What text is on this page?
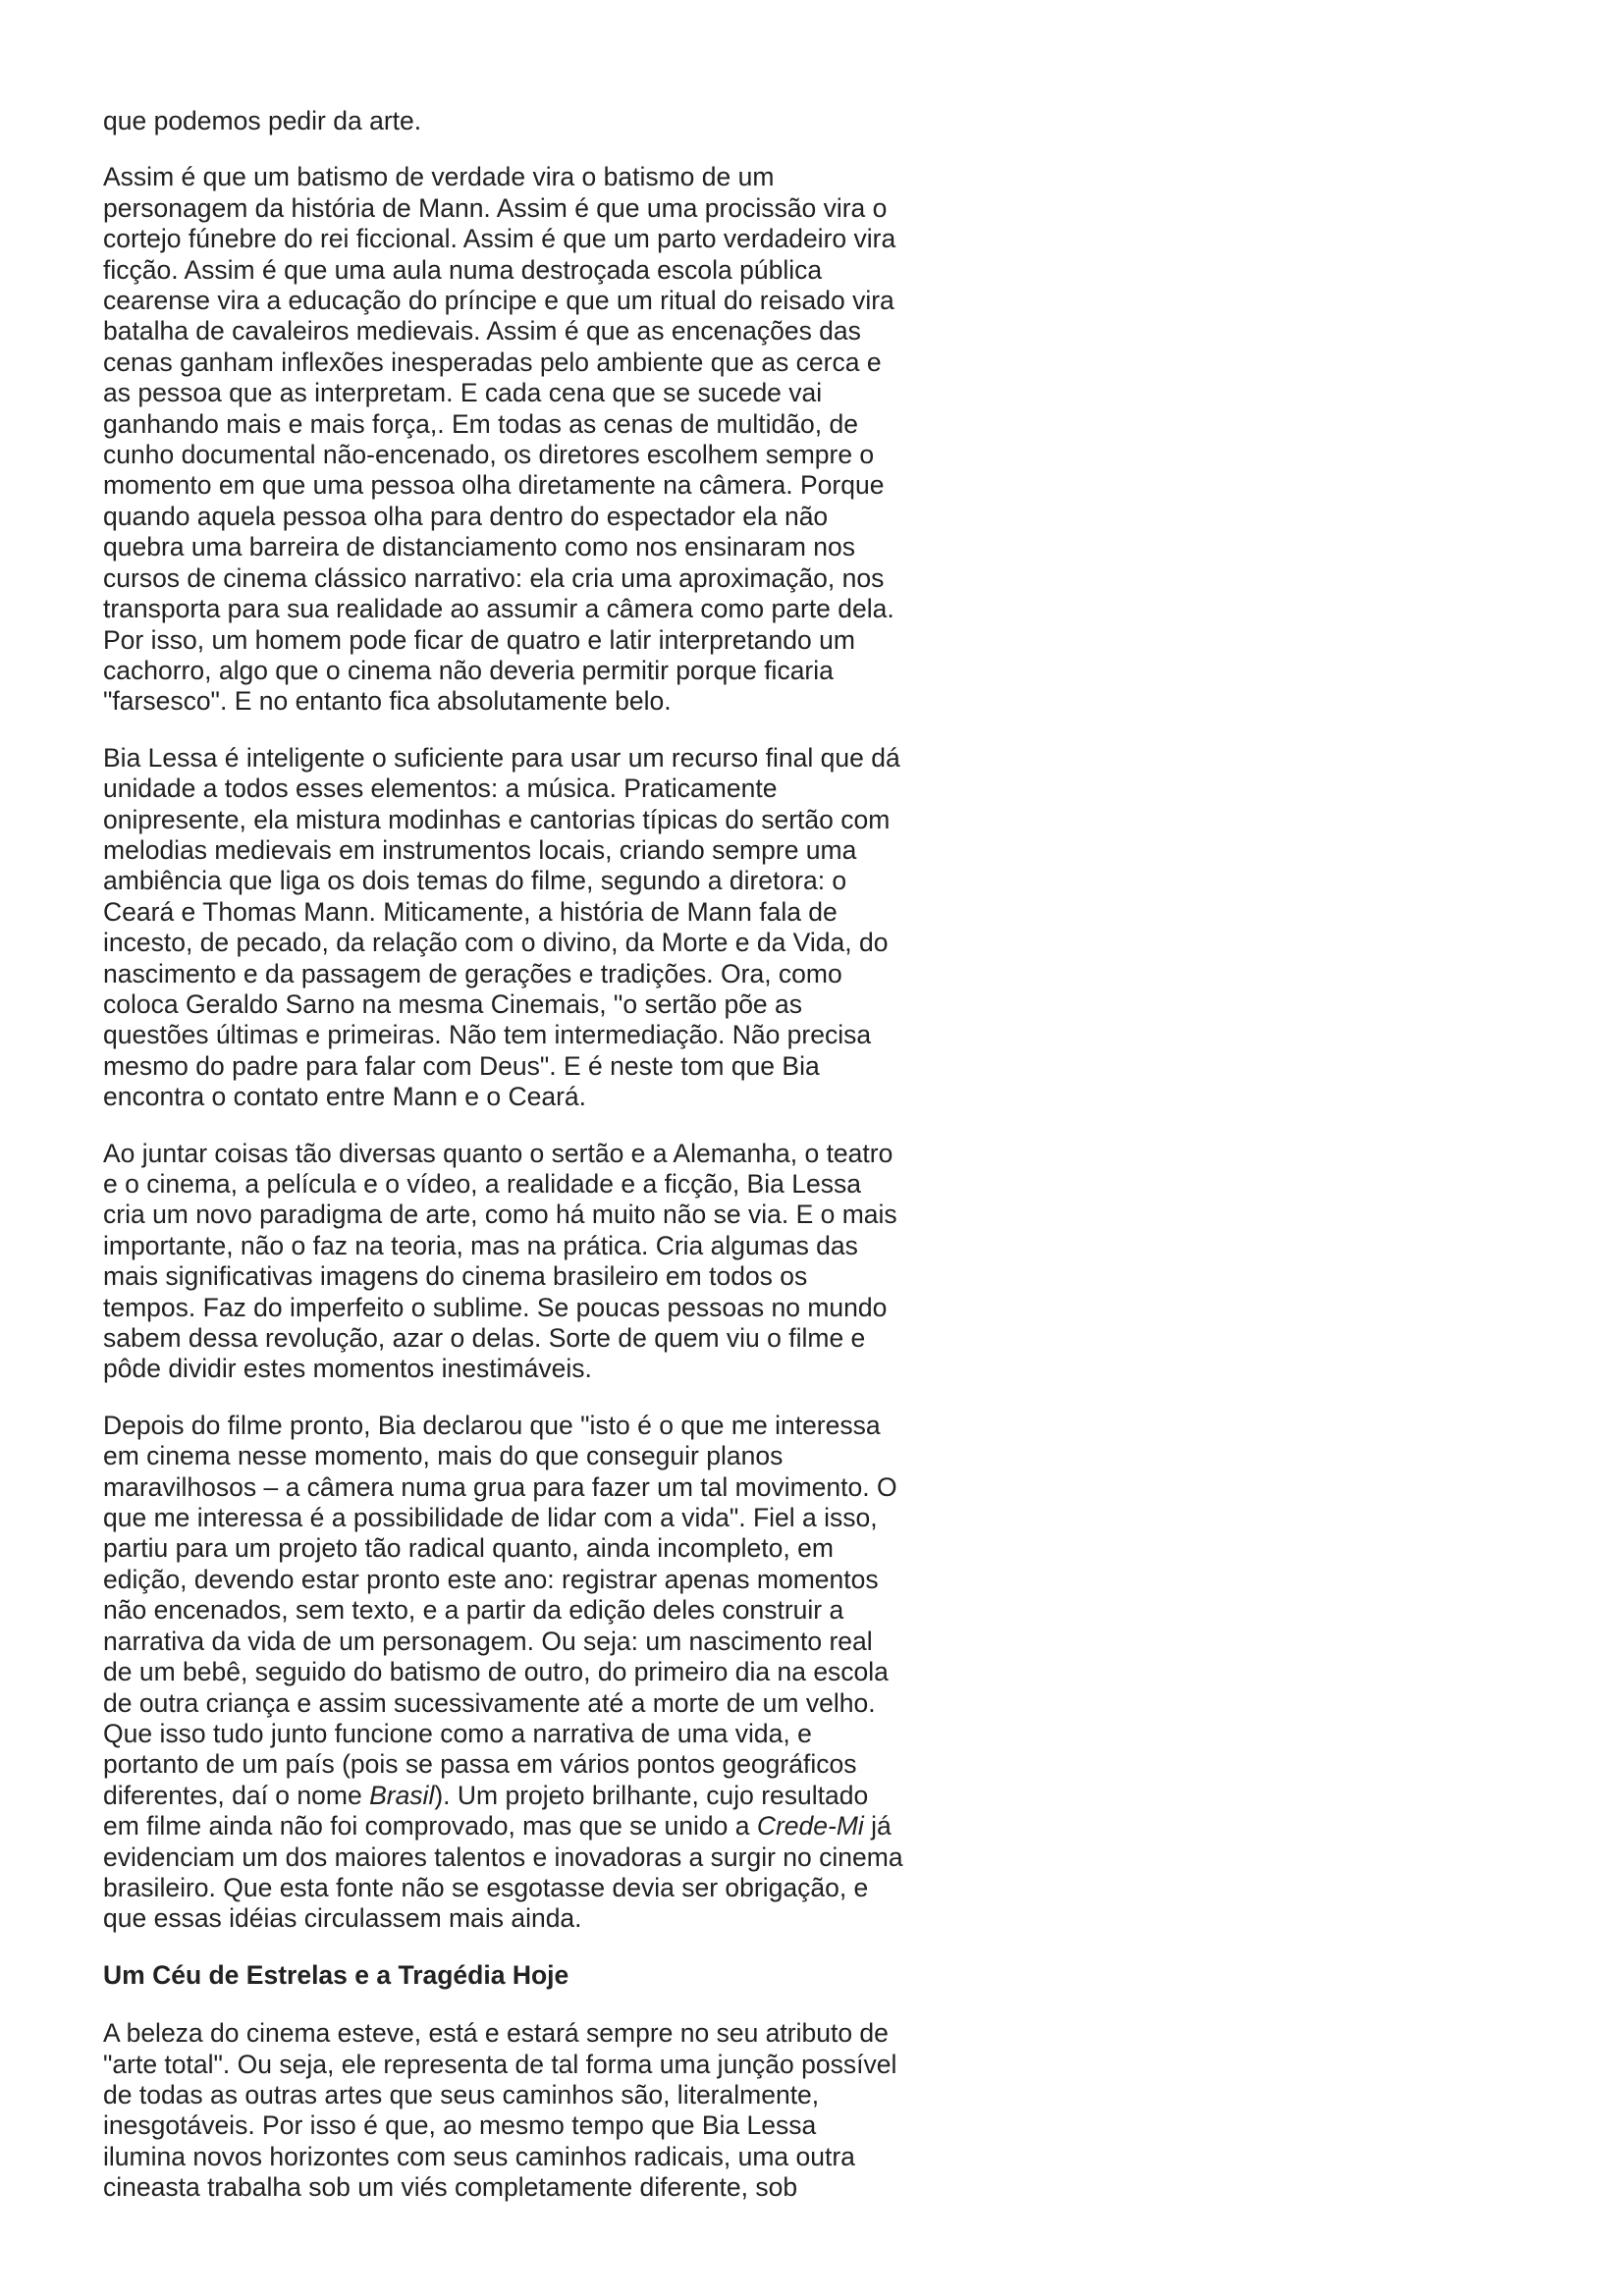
que podemos pedir da arte.

Assim é que um batismo de verdade vira o batismo de um
personagem da história de Mann. Assim é que uma procissão vira o
cortejo fúnebre do rei ficcional. Assim é que um parto verdadeiro vira
ficção. Assim é que uma aula numa destroçada escola pública
cearense vira a educação do príncipe e que um ritual do reisado vira
batalha de cavaleiros medievais. Assim é que as encenações das
cenas ganham inflexões inesperadas pelo ambiente que as cerca e
as pessoa que as interpretam. E cada cena que se sucede vai
ganhando mais e mais força,. Em todas as cenas de multidão, de
cunho documental não-encenado, os diretores escolhem sempre o
momento em que uma pessoa olha diretamente na câmera. Porque
quando aquela pessoa olha para dentro do espectador ela não
quebra uma barreira de distanciamento como nos ensinaram nos
cursos de cinema clássico narrativo: ela cria uma aproximação, nos
transporta para sua realidade ao assumir a câmera como parte dela.
Por isso, um homem pode ficar de quatro e latir interpretando um
cachorro, algo que o cinema não deveria permitir porque ficaria
"farsesco". E no entanto fica absolutamente belo.

Bia Lessa é inteligente o suficiente para usar um recurso final que dá
unidade a todos esses elementos: a música. Praticamente
onipresente, ela mistura modinhas e cantorias típicas do sertão com
melodias medievais em instrumentos locais, criando sempre uma
ambiência que liga os dois temas do filme, segundo a diretora: o
Ceará e Thomas Mann. Miticamente, a história de Mann fala de
incesto, de pecado, da relação com o divino, da Morte e da Vida, do
nascimento e da passagem de gerações e tradições. Ora, como
coloca Geraldo Sarno na mesma Cinemais, "o sertão põe as
questões últimas e primeiras. Não tem intermediação. Não precisa
mesmo do padre para falar com Deus". E é neste tom que Bia
encontra o contato entre Mann e o Ceará.

Ao juntar coisas tão diversas quanto o sertão e a Alemanha, o teatro
e o cinema, a película e o vídeo, a realidade e a ficção, Bia Lessa
cria um novo paradigma de arte, como há muito não se via. E o mais
importante, não o faz na teoria, mas na prática. Cria algumas das
mais significativas imagens do cinema brasileiro em todos os
tempos. Faz do imperfeito o sublime. Se poucas pessoas no mundo
sabem dessa revolução, azar o delas. Sorte de quem viu o filme e
pôde dividir estes momentos inestimáveis.

Depois do filme pronto, Bia declarou que "isto é o que me interessa
em cinema nesse momento, mais do que conseguir planos
maravilhosos – a câmera numa grua para fazer um tal movimento. O
que me interessa é a possibilidade de lidar com a vida". Fiel a isso,
partiu para um projeto tão radical quanto, ainda incompleto, em
edição, devendo estar pronto este ano: registrar apenas momentos
não encenados, sem texto, e a partir da edição deles construir a
narrativa da vida de um personagem. Ou seja: um nascimento real
de um bebê, seguido do batismo de outro, do primeiro dia na escola
de outra criança e assim sucessivamente até a morte de um velho.
Que isso tudo junto funcione como a narrativa de uma vida, e
portanto de um país (pois se passa em vários pontos geográficos
diferentes, daí o nome Brasil). Um projeto brilhante, cujo resultado
em filme ainda não foi comprovado, mas que se unido a Crede-Mi já
evidenciam um dos maiores talentos e inovadoras a surgir no cinema
brasileiro. Que esta fonte não se esgotasse devia ser obrigação, e
que essas idéias circulassem mais ainda.

Um Céu de Estrelas e a Tragédia Hoje

A beleza do cinema esteve, está e estará sempre no seu atributo de
"arte total". Ou seja, ele representa de tal forma uma junção possível
de todas as outras artes que seus caminhos são, literalmente,
inesgotáveis. Por isso é que, ao mesmo tempo que Bia Lessa
ilumina novos horizontes com seus caminhos radicais, uma outra
cineasta trabalha sob um viés completamente diferente, sob
